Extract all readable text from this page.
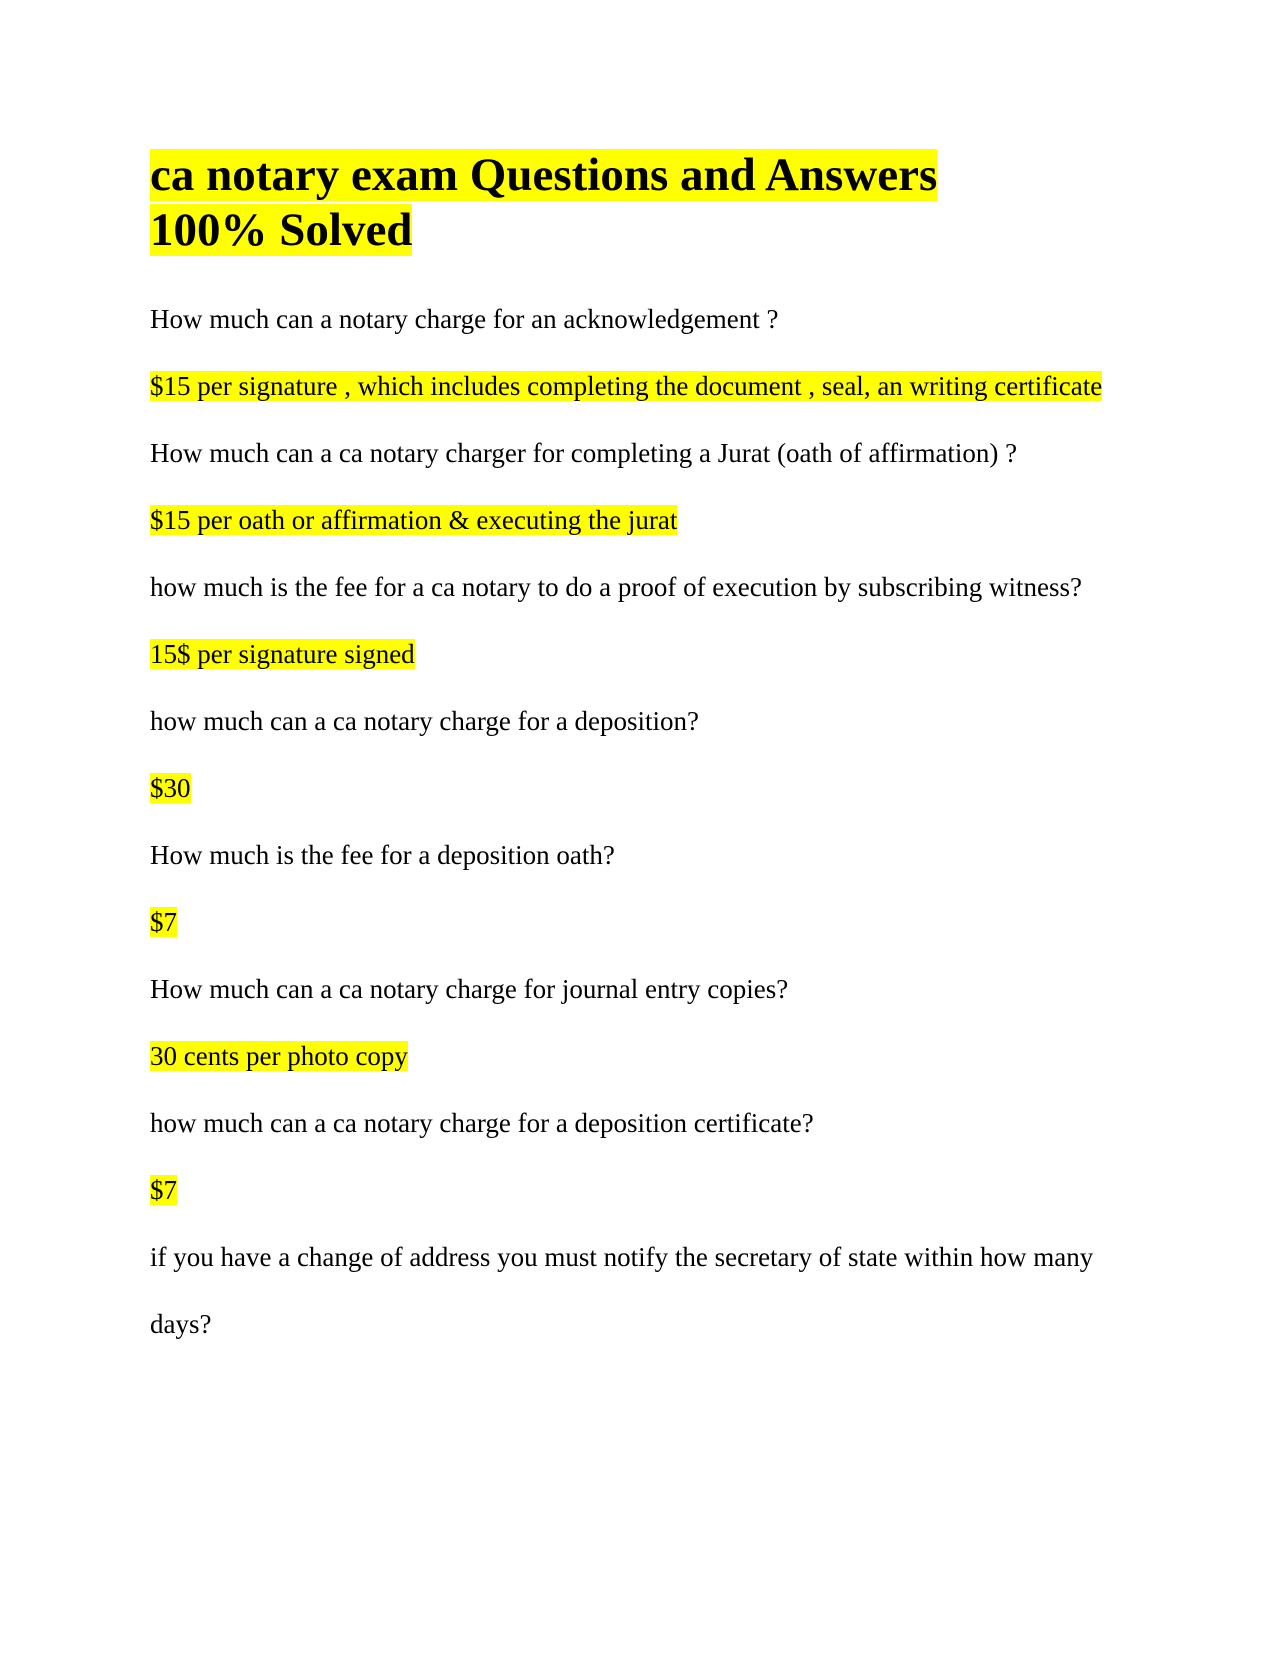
ca notary exam Questions and Answers
100% Solved

How much can a notary charge for an acknowledgement ?

$15 per signature , which includes completing the document , seal, an writing certificate

How much can a ca notary charger for completing a Jurat (oath of affirmation) ?

$15 per oath or affirmation & executing the jurat

how much is the fee for a ca notary to do a proof of execution by subscribing witness?

15$ per signature signed

how much can a ca notary charge for a deposition?

$30

How much is the fee for a deposition oath?

$7

How much can a ca notary charge for journal entry copies?

30 cents per photo copy

how much can a ca notary charge for a deposition certificate?

$7

if you have a change of address you must notify the secretary of state within how many days?
